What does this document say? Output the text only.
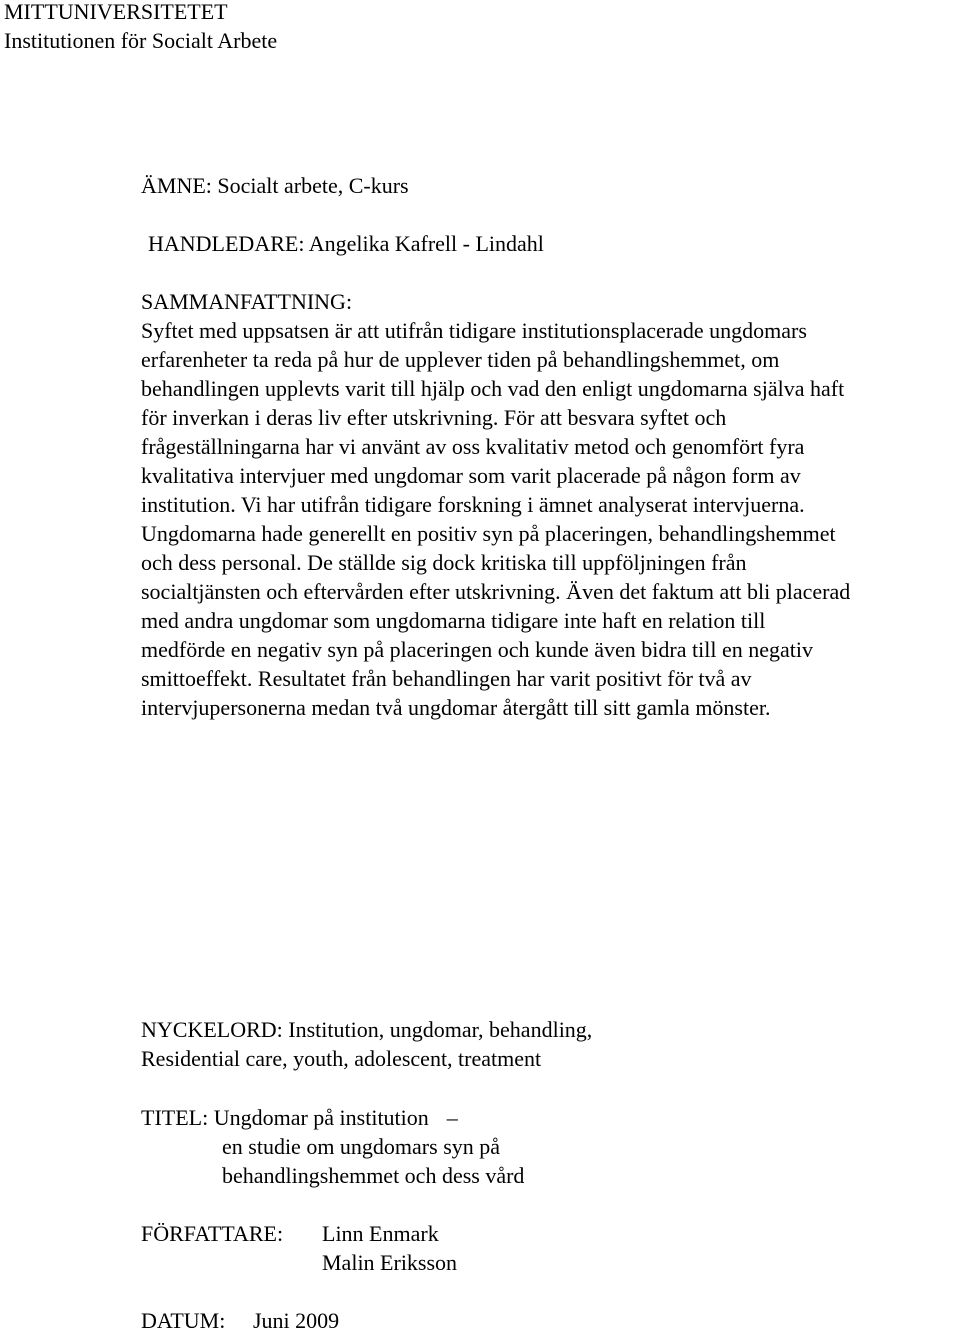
MITTUNIVERSITETET
Institutionen för Socialt Arbete
ÄMNE: Socialt arbete, C-kurs
HANDLEDARE: Angelika Kafrell - Lindahl
SAMMANFATTNING:
Syftet med uppsatsen är att utifrån tidigare institutionsplacerade ungdomars
erfarenheter ta reda på hur de upplever tiden på behandlingshemmet, om
behandlingen upplevts varit till hjälp och vad den enligt ungdomarna själva haft
för inverkan i deras liv efter utskrivning. För att besvara syftet och
frågeställningarna har vi använt av oss kvalitativ metod och genomfört fyra
kvalitativa intervjuer med ungdomar som varit placerade på någon form av
institution. Vi har utifrån tidigare forskning i ämnet analyserat intervjuerna.
Ungdomarna hade generellt en positiv syn på placeringen, behandlingshemmet
och dess personal. De ställde sig dock kritiska till uppföljningen från
socialtjänsten och eftervården efter utskrivning. Även det faktum att bli placerad
med andra ungdomar som ungdomarna tidigare inte haft en relation till
medförde en negativ syn på placeringen och kunde även bidra till en negativ
smittoeffekt. Resultatet från behandlingen har varit positivt för två av
intervjupersonerna medan två ungdomar återgått till sitt gamla mönster.
NYCKELORD: Institution, ungdomar, behandling,
Residential care, youth, adolescent, treatment
TITEL: Ungdomar på institution –
en studie om ungdomars syn på
behandlingshemmet och dess vård
FÖRFATTARE: Linn Enmark
Malin Eriksson
DATUM: Juni 2009
